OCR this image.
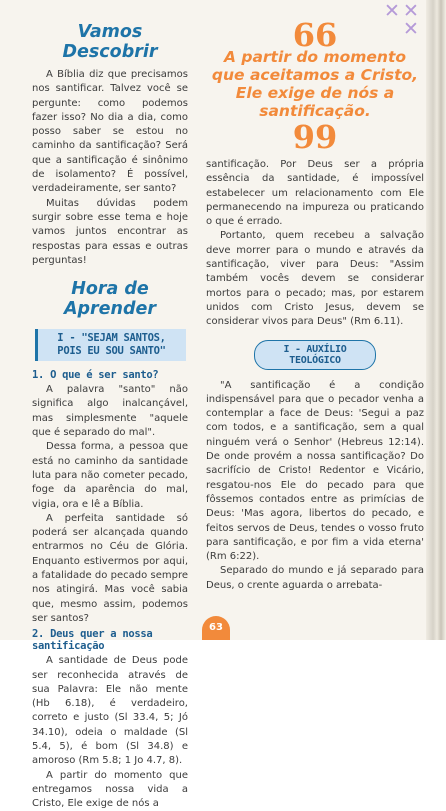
✕ ✕
✕
Vamos Descobrir

A Bíblia diz que precisamos nos santificar. Talvez você se pergunte: como podemos fazer isso? No dia a dia, como posso saber se estou no caminho da santificação? Será que a santificação é sinônimo de isolamento? É possível, verdadeiramente, ser santo?

Muitas dúvidas podem surgir sobre esse tema e hoje vamos juntos encontrar as respostas para essas e outras perguntas!

Hora de Aprender
I - "SEJAM SANTOS,
POIS EU SOU SANTO"
1. O que é ser santo?

A palavra "santo" não significa algo inalcançável, mas simplesmente "aquele que é separado do mal".

Dessa forma, a pessoa que está no caminho da santidade luta para não cometer pecado, foge da aparência do mal, vigia, ora e lê a Bíblia.

A perfeita santidade só poderá ser alcançada quando entrarmos no Céu de Glória. Enquanto estivermos por aqui, a fatalidade do pecado sempre nos atingirá. Mas você sabia que, mesmo assim, podemos ser santos?

2. Deus quer a nossa santificação

A santidade de Deus pode ser reconhecida através de sua Palavra: Ele não mente (Hb 6.18), é verdadeiro, correto e justo (Sl 33.4, 5; Jó 34.10), odeia o maldade (Sl 5.4, 5), é bom (Sl 34.8) e amoroso (Rm 5.8; 1 Jo 4.7, 8).

A partir do momento que entregamos nossa vida a Cristo, Ele exige de nós a

66

A partir do momento que aceitamos a Cristo, Ele exige de nós a santificação.

99

santificação. Por Deus ser a própria essência da santidade, é impossível estabelecer um relacionamento com Ele permanecendo na impureza ou praticando o que é errado.

Portanto, quem recebeu a salvação deve morrer para o mundo e através da santificação, viver para Deus: "Assim também vocês devem se considerar mortos para o pecado; mas, por estarem unidos com Cristo Jesus, devem se considerar vivos para Deus" (Rm 6.11).

I - AUXÍLIO TEOLÓGICO

"A santificação é a condição indispensável para que o pecador venha a contemplar a face de Deus: 'Segui a paz com todos, e a santificação, sem a qual ninguém verá o Senhor' (Hebreus 12:14). De onde provém a nossa santificação? Do sacrifício de Cristo! Redentor e Vicário, resgatou-nos Ele do pecado para que fôssemos contados entre as primícias de Deus: 'Mas agora, libertos do pecado, e feitos servos de Deus, tendes o vosso fruto para santificação, e por fim a vida eterna' (Rm 6:22).

Separado do mundo e já separado para Deus, o crente aguarda o arrebata-

63
